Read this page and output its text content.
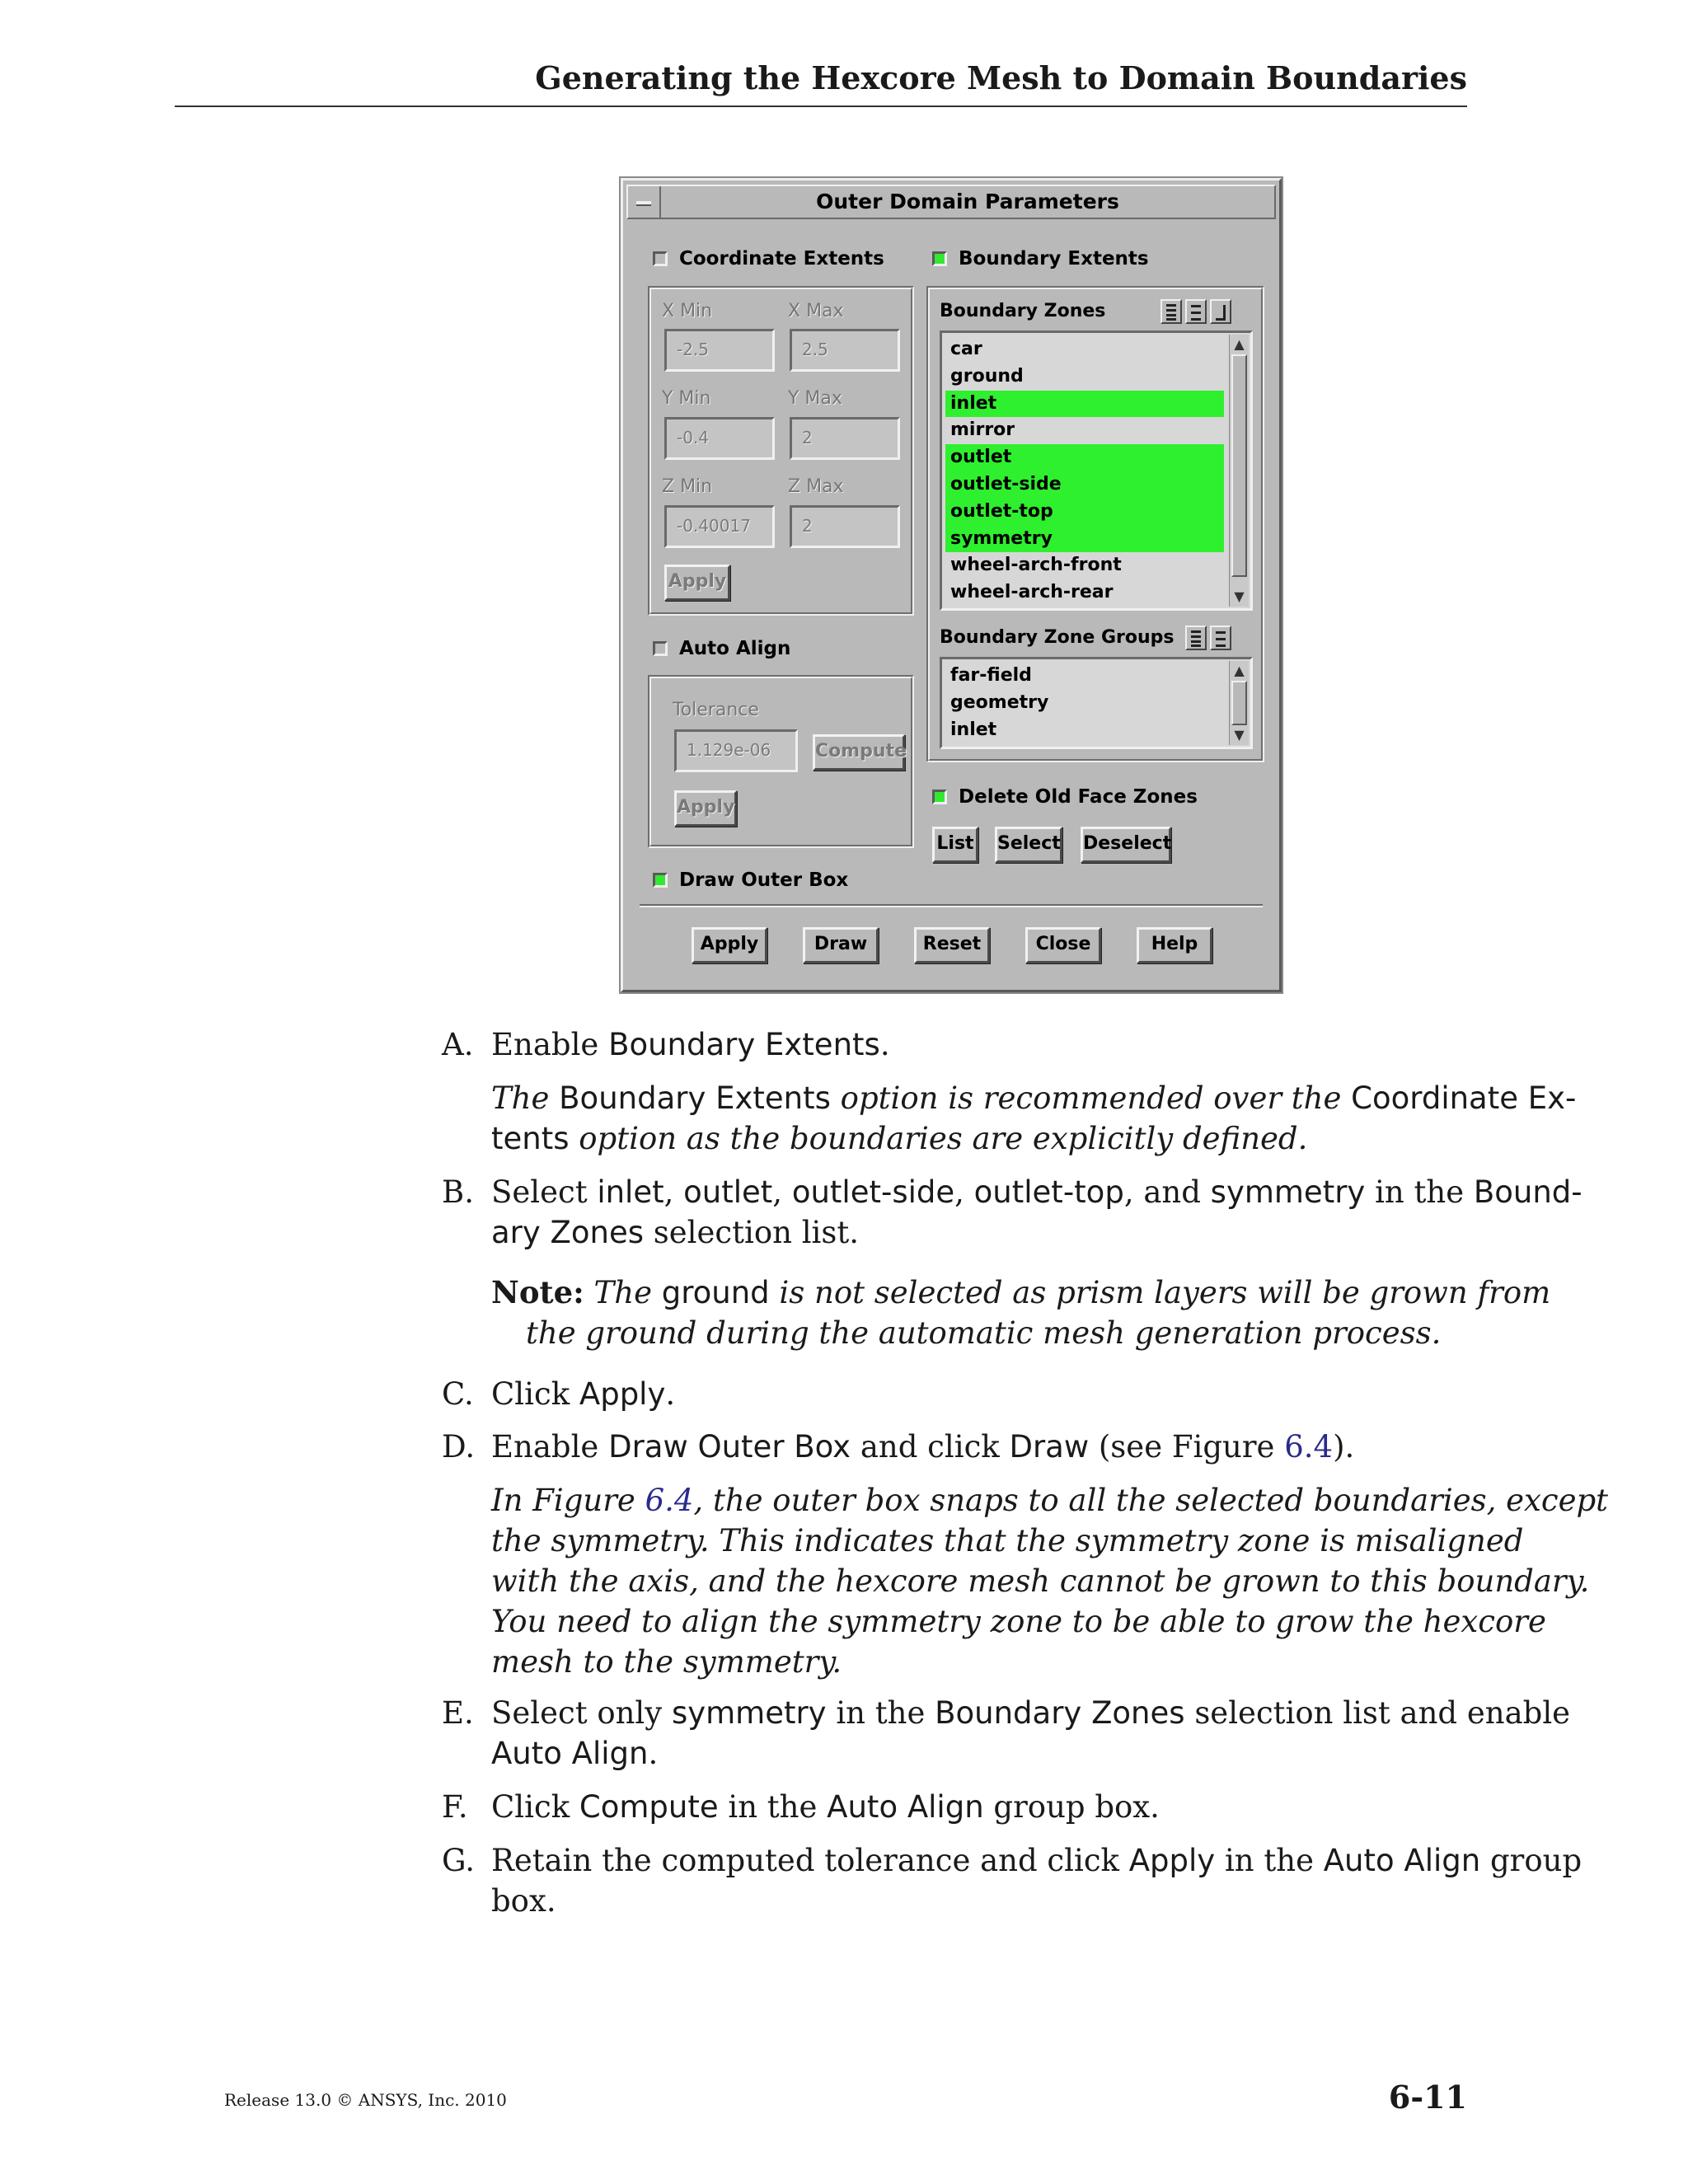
Generating the Hexcore Mesh to Domain Boundaries
Outer Domain Parameters
Coordinate Extents	Boundary Extents
X Min	X Max
-2.5	2.5
Y Min	Y Max
-0.4	2
Z Min	Z Max
-0.40017	2
Apply
Auto Align
Tolerance
1.129e-06	Compute
Apply
Draw Outer Box
Boundary Zones
car
ground
inlet
mirror
outlet
outlet-side
outlet-top
symmetry
wheel-arch-front
wheel-arch-rear
▲
▼
Boundary Zone Groups
far-field
geometry
inlet
▲
▼
Delete Old Face Zones
List Select Deselect
Apply	Draw	Reset	Close	Help
A. Enable Boundary Extents.
The Boundary Extents option is recommended over the Coordinate Ex-
tents option as the boundaries are explicitly defined.
B. Select inlet, outlet, outlet-side, outlet-top, and symmetry in the Bound-
ary Zones selection list.
Note: The ground is not selected as prism layers will be grown from
the ground during the automatic mesh generation process.
C. Click Apply.
D. Enable Draw Outer Box and click Draw (see Figure 6.4).
In Figure 6.4, the outer box snaps to all the selected boundaries, except
the symmetry. This indicates that the symmetry zone is misaligned
with the axis, and the hexcore mesh cannot be grown to this boundary.
You need to align the symmetry zone to be able to grow the hexcore
mesh to the symmetry.
E. Select only symmetry in the Boundary Zones selection list and enable
Auto Align.
F. Click Compute in the Auto Align group box.
G. Retain the computed tolerance and click Apply in the Auto Align group
box.
Release 13.0 © ANSYS, Inc. 2010	6-11
